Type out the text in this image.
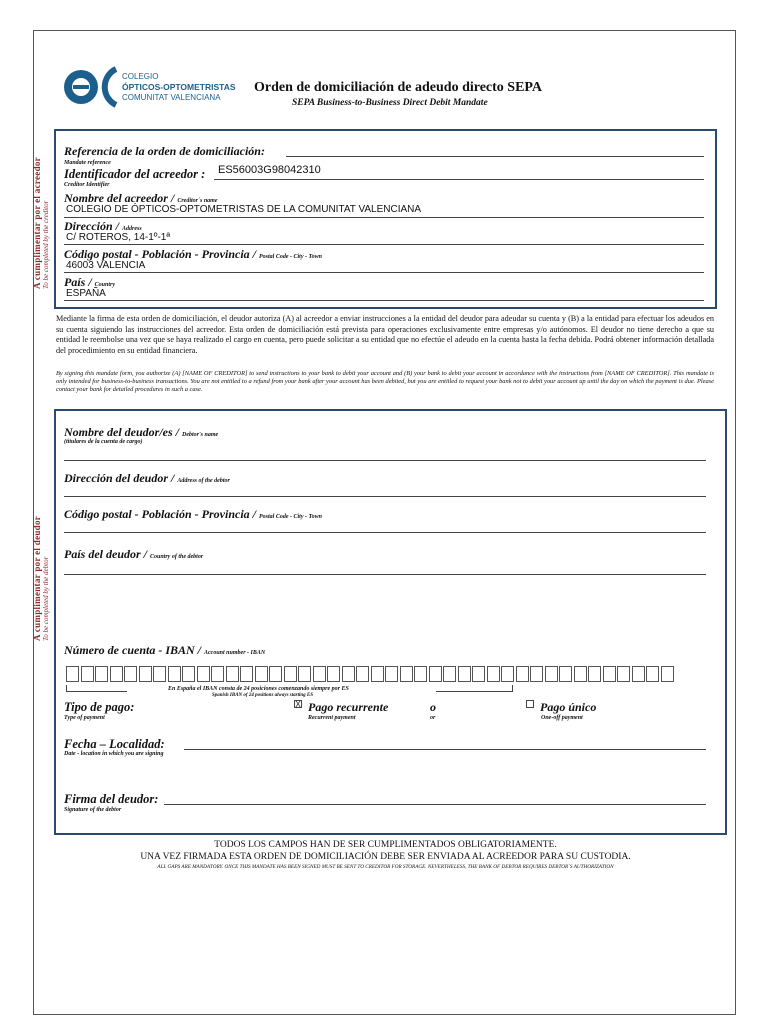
COLEGIO
ÓPTICOS-OPTOMETRISTAS
COMUNITAT VALENCIANA
Orden de domiciliación de adeudo directo SEPA
SEPA Business-to-Business Direct Debit Mandate
A cumplimentar por el acreedor To be completed by the creditor
Referencia de la orden de domiciliación:
Mandate reference
Identificador del acreedor : ES56003G98042310
Creditor Identifier
Nombre del acreedor / Creditor´s name
COLEGIO DE ÓPTICOS-OPTOMETRISTAS DE LA COMUNITAT VALENCIANA
Dirección / Address
C/ ROTEROS, 14-1º-1ª
Código postal - Población - Provincia / Postal Code - City - Town
46003 VALENCIA
País / Country
ESPAÑA
Mediante la firma de esta orden de domiciliación, el deudor autoriza (A) al acreedor a enviar instrucciones a la entidad del deudor para adeudar su cuenta y (B) a la entidad para efectuar los adeudos en su cuenta siguiendo las instrucciones del acreedor. Esta orden de domiciliación está prevista para operaciones exclusivamente entre empresas y/o autónomos. El deudor no tiene derecho a que su entidad le reembolse una vez que se haya realizado el cargo en cuenta, pero puede solicitar a su entidad que no efectúe el adeudo en la cuenta hasta la fecha debida. Podrá obtener información detallada del procedimiento en su entidad financiera.
By signing this mandate form, you authorize (A) [NAME OF CREDITOR] to send instructions to your bank to debit your account and (B) your bank to debit your account in accordance with the instructions from [NAME OF CREDITOR]. This mandate is only intended for business-to-business transactions. You are not entitled to a refund from your bank after your account has been debited, but you are entitled to request your bank not to debit your account up until the day on which the payment is due. Please contact your bank for detailed procedures in such a case.
A cumplimentar por el deudor To be completed by the debtor
Nombre del deudor/es / Debtor's name
(titulares de la cuenta de cargo)
Dirección del deudor / Address of the debtor
Código postal - Población - Provincia / Postal Code - City - Town
País del deudor / Country of the debtor
Número de cuenta - IBAN / Account number - IBAN
En España el IBAN consta de 24 posiciones comenzando siempre por ES
Spanish IBAN of 24 positions always starting ES
Tipo de pago:
Type of payment
X Pago recurrente
Recurrent payment
o
or
Pago único
One-off payment
Fecha – Localidad:
Date - location in which you are signing
Firma del deudor:
Signature of the debtor
TODOS LOS CAMPOS HAN DE SER CUMPLIMENTADOS OBLIGATORIAMENTE.
UNA VEZ FIRMADA ESTA ORDEN DE DOMICILIACIÓN DEBE SER ENVIADA AL ACREEDOR PARA SU CUSTODIA.
ALL GAPS ARE MANDATORY. ONCE THIS MANDATE HAS BEEN SIGNED MUST BE SENT TO CREDITOR FOR STORAGE. NEVERTHELESS, THE BANK OF DEBTOR REQUIRES DEBTOR´S AUTHORIZATION
